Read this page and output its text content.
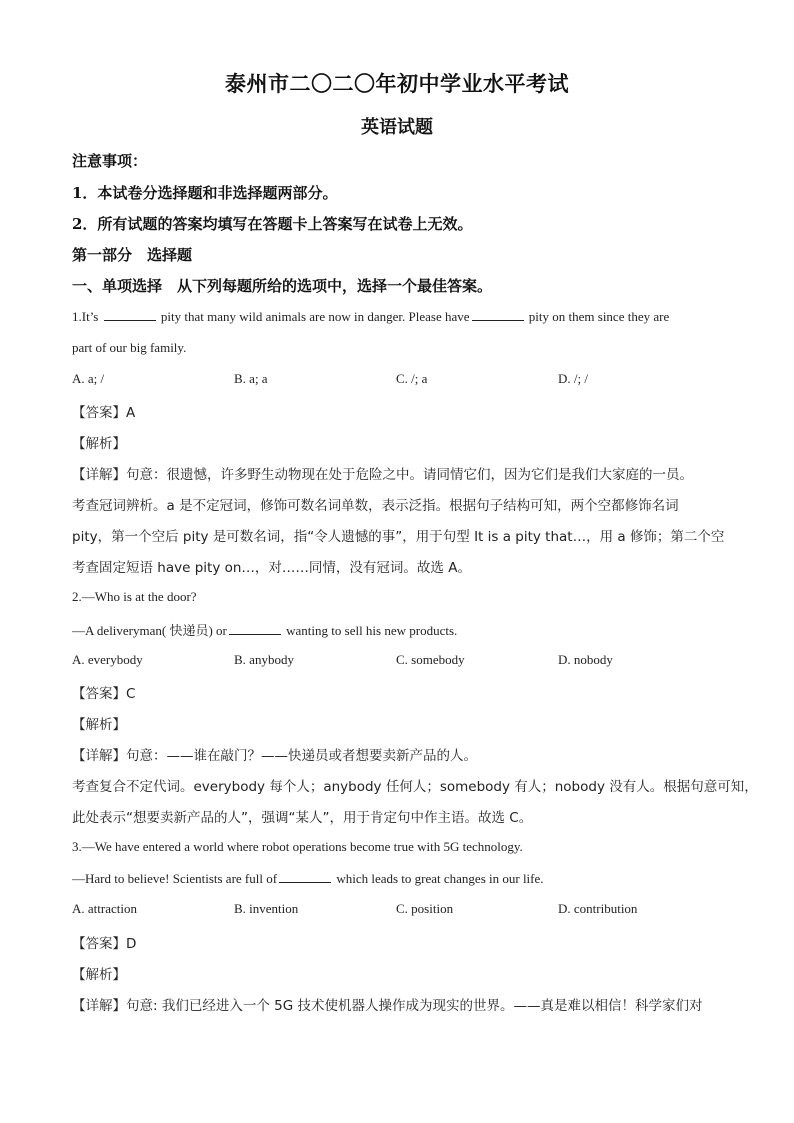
泰州市二〇二〇年初中学业水平考试
英语试题
注意事项：
1．本试卷分选择题和非选择题两部分。
2．所有试题的答案均填写在答题卡上答案写在试卷上无效。
第一部分　选择题
一、单项选择　从下列每题所给的选项中，选择一个最佳答案。
1.It’s	pity that many wild animals are now in danger. Please have	pity on them since they are
part of our big family.
A. a; /	B. a; a	C. /; a	D. /; /
【答案】A
【解析】
【详解】句意：很遗憾，许多野生动物现在处于危险之中。请同情它们，因为它们是我们大家庭的一员。
考查冠词辨析。a 是不定冠词，修饰可数名词单数，表示泛指。根据句子结构可知，两个空都修饰名词
pity，第一个空后 pity 是可数名词，指“令人遗憾的事”，用于句型 It is a pity that…，用 a 修饰；第二个空
考查固定短语 have pity on…，对……同情，没有冠词。故选 A。
2.—Who is at the door?
—A deliveryman( 快递员) or	wanting to sell his new products.
A. everybody	B. anybody	C. somebody	D. nobody
【答案】C
【解析】
【详解】句意：——谁在敲门？——快递员或者想要卖新产品的人。
考查复合不定代词。everybody 每个人；anybody 任何人；somebody 有人；nobody 没有人。根据句意可知，
此处表示“想要卖新产品的人”，强调“某人”，用于肯定句中作主语。故选 C。
3.—We have entered a world where robot operations become true with 5G technology.
—Hard to believe! Scientists are full of	which leads to great changes in our life.
A. attraction	B. invention	C. position	D. contribution
【答案】D
【解析】
【详解】句意: 我们已经进入一个 5G 技术使机器人操作成为现实的世界。——真是难以相信！科学家们对
